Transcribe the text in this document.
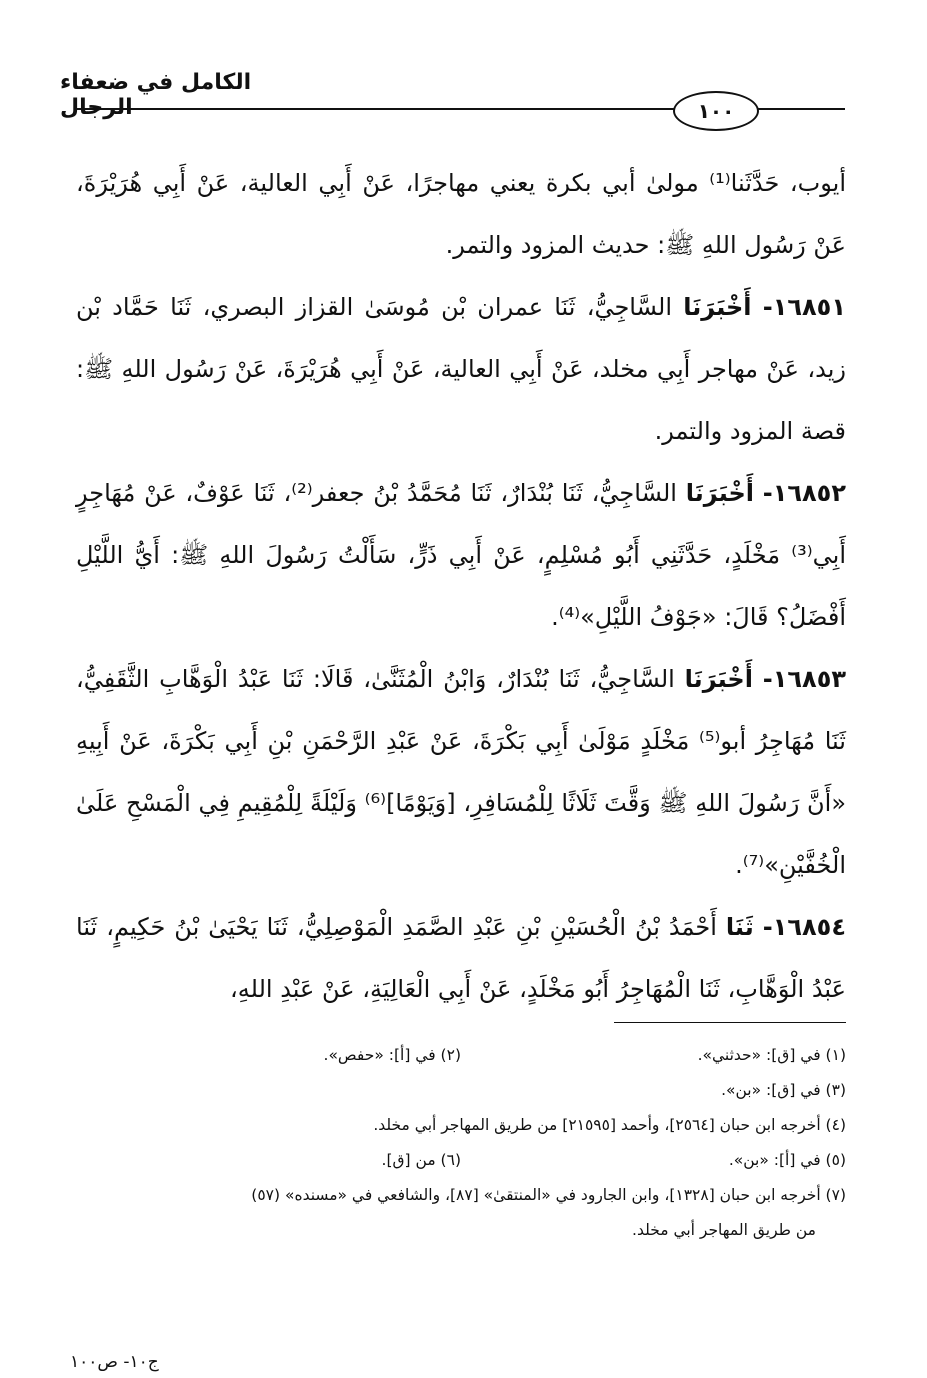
الكامل في ضعفاء الرجال	١٠٠

أيوب، حَدَّثَنا⁽¹⁾ مولىٰ أبي بكرة يعني مهاجرًا، عَنْ أَبِي العالية، عَنْ أَبِي هُرَيْرَةَ، عَنْ رَسُول اللهِ ﷺ: حديث المزود والتمر.

١٦٨٥١- أَخْبَرَنَا السَّاجِيُّ، ثَنَا عمران بْن مُوسَىٰ القزاز البصري، ثَنَا حَمَّاد بْن زيد، عَنْ مهاجر أَبِي مخلد، عَنْ أَبِي العالية، عَنْ أَبِي هُرَيْرَةَ، عَنْ رَسُول اللهِ ﷺ: قصة المزود والتمر.

١٦٨٥٢- أَخْبَرَنَا السَّاجِيُّ، ثَنَا بُنْدَارٌ، ثَنَا مُحَمَّدُ بْنُ جعفر⁽²⁾، ثَنَا عَوْفٌ، عَنْ مُهَاجِرٍ أَبِي⁽³⁾ مَخْلَدٍ، حَدَّثَنِي أَبُو مُسْلِمٍ، عَنْ أَبِي ذَرٍّ، سَأَلْتُ رَسُولَ اللهِ ﷺ: أَيُّ اللَّيْلِ أَفْضَلُ؟ قَالَ: «جَوْفُ اللَّيْلِ»⁽⁴⁾.

١٦٨٥٣- أَخْبَرَنَا السَّاجِيُّ، ثَنَا بُنْدَارٌ، وَابْنُ الْمُثَنَّىٰ، قَالَا: ثَنَا عَبْدُ الْوَهَّابِ الثَّقَفِيُّ، ثَنَا مُهَاجِرُ أبو⁽⁵⁾ مَخْلَدٍ مَوْلَىٰ أَبِي بَكْرَةَ، عَنْ عَبْدِ الرَّحْمَنِ بْنِ أَبِي بَكْرَةَ، عَنْ أَبِيهِ «أَنَّ رَسُولَ اللهِ ﷺ وَقَّتَ ثَلَاثًا لِلْمُسَافِرِ، [وَيَوْمًا]⁽⁶⁾ وَلَيْلَةً لِلْمُقِيمِ فِي الْمَسْحِ عَلَىٰ الْخُفَّيْنِ»⁽⁷⁾.

١٦٨٥٤- ثَنَا أَحْمَدُ بْنُ الْحُسَيْنِ بْنِ عَبْدِ الصَّمَدِ الْمَوْصِلِيُّ، ثَنَا يَحْيَىٰ بْنُ حَكِيمٍ، ثَنَا عَبْدُ الْوَهَّابِ، ثَنَا الْمُهَاجِرُ أَبُو مَخْلَدٍ، عَنْ أَبِي الْعَالِيَةِ، عَنْ عَبْدِ اللهِ،

(١) في [ق]: «حدثني».
(٢) في [أ]: «حفص».
(٣) في [ق]: «بن».
(٤) أخرجه ابن حبان [٢٥٦٤]، وأحمد [٢١٥٩٥] من طريق المهاجر أبي مخلد.
(٥) في [أ]: «بن».
(٦) من [ق].
(٧) أخرجه ابن حبان [١٣٢٨]، وابن الجارود في «المنتقىٰ» [٨٧]، والشافعي في «مسنده» (٥٧)
من طريق المهاجر أبي مخلد.
ج١٠- ص١٠٠
